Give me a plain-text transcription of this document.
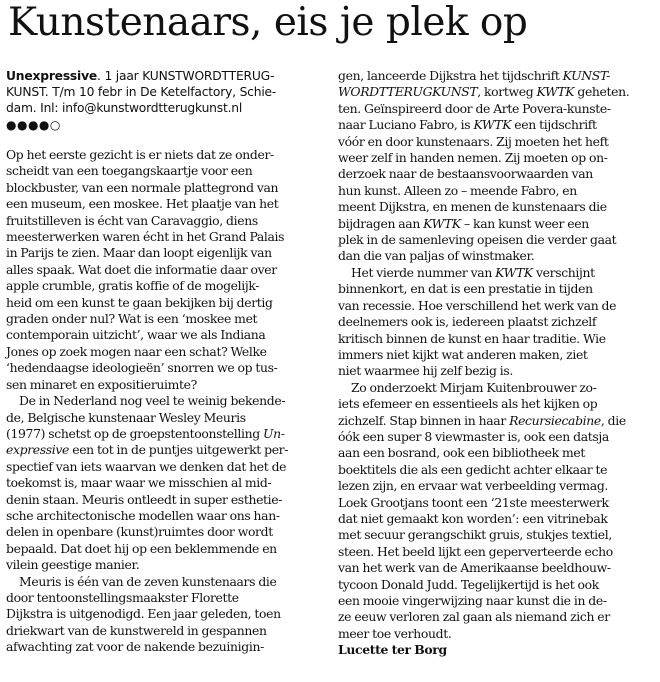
Kunstenaars, eis je plek op
Unexpressive. 1 jaar KUNSTWORDTTERUG-
KUNST. T/m 10 febr in De Ketelfactory, Schie-
dam. Inl: info@kunstwordtterugkunst.nl
●●●●○
Op het eerste gezicht is er niets dat ze onder-
scheidt van een toegangskaartje voor een
blockbuster, van een normale plattegrond van
een museum, een moskee. Het plaatje van het
fruitstilleven is écht van Caravaggio, diens
meesterwerken waren écht in het Grand Palais
in Parijs te zien. Maar dan loopt eigenlijk van
alles spaak. Wat doet die informatie daar over
apple crumble, gratis koffie of de mogelijk-
heid om een kunst te gaan bekijken bij dertig
graden onder nul? Wat is een ‘moskee met
contemporain uitzicht’, waar we als Indiana
Jones op zoek mogen naar een schat? Welke
‘hedendaagse ideologieën’ snorren we op tus-
sen minaret en expositieruimte?
De in Nederland nog veel te weinig bekende-
de, Belgische kunstenaar Wesley Meuris
(1977) schetst op de groepstentoonstelling Un-
expressive een tot in de puntjes uitgewerkt per-
spectief van iets waarvan we denken dat het de
toekomst is, maar waar we misschien al mid-
denin staan. Meuris ontleedt in super esthetie-
sche architectonische modellen waar ons han-
delen in openbare (kunst)ruimtes door wordt
bepaald. Dat doet hij op een beklemmende en
vilein geestige manier.
Meuris is één van de zeven kunstenaars die
door tentoonstellingsmaakster Florette
Dijkstra is uitgenodigd. Een jaar geleden, toen
driekwart van de kunstwereld in gespannen
afwachting zat voor de nakende bezuinigin-
gen, lanceerde Dijkstra het tijdschrift KUNST-
WORDTTERUGKUNST, kortweg KWTK geheten.
ten. Geïnspireerd door de Arte Povera-kunste-
naar Luciano Fabro, is KWTK een tijdschrift
vóór en door kunstenaars. Zij moeten het heft
weer zelf in handen nemen. Zij moeten op on-
derzoek naar de bestaansvoorwaarden van
hun kunst. Alleen zo – meende Fabro, en
meent Dijkstra, en menen de kunstenaars die
bijdragen aan KWTK – kan kunst weer een
plek in de samenleving opeisen die verder gaat
dan die van paljas of winstmaker.
Het vierde nummer van KWTK verschijnt
binnenkort, en dat is een prestatie in tijden
van recessie. Hoe verschillend het werk van de
deelnemers ook is, iedereen plaatst zichzelf
kritisch binnen de kunst en haar traditie. Wie
immers niet kijkt wat anderen maken, ziet
niet waarmee hij zelf bezig is.
Zo onderzoekt Mirjam Kuitenbrouwer zo-
iets efemeer en essentieels als het kijken op
zichzelf. Stap binnen in haar Recursiecabine, die
óók een super 8 viewmaster is, ook een datsja
aan een bosrand, ook een bibliotheek met
boektitels die als een gedicht achter elkaar te
lezen zijn, en ervaar wat verbeelding vermag.
Loek Grootjans toont een ‘21ste meesterwerk
dat niet gemaakt kon worden’: een vitrinebak
met secuur gerangschikt gruis, stukjes textiel,
steen. Het beeld lijkt een geperverteerde echo
van het werk van de Amerikaanse beeldhouw-
tycoon Donald Judd. Tegelijkertijd is het ook
een mooie vingerwijzing naar kunst die in de-
ze eeuw verloren zal gaan als niemand zich er
meer toe verhoudt.
Lucette ter Borg
